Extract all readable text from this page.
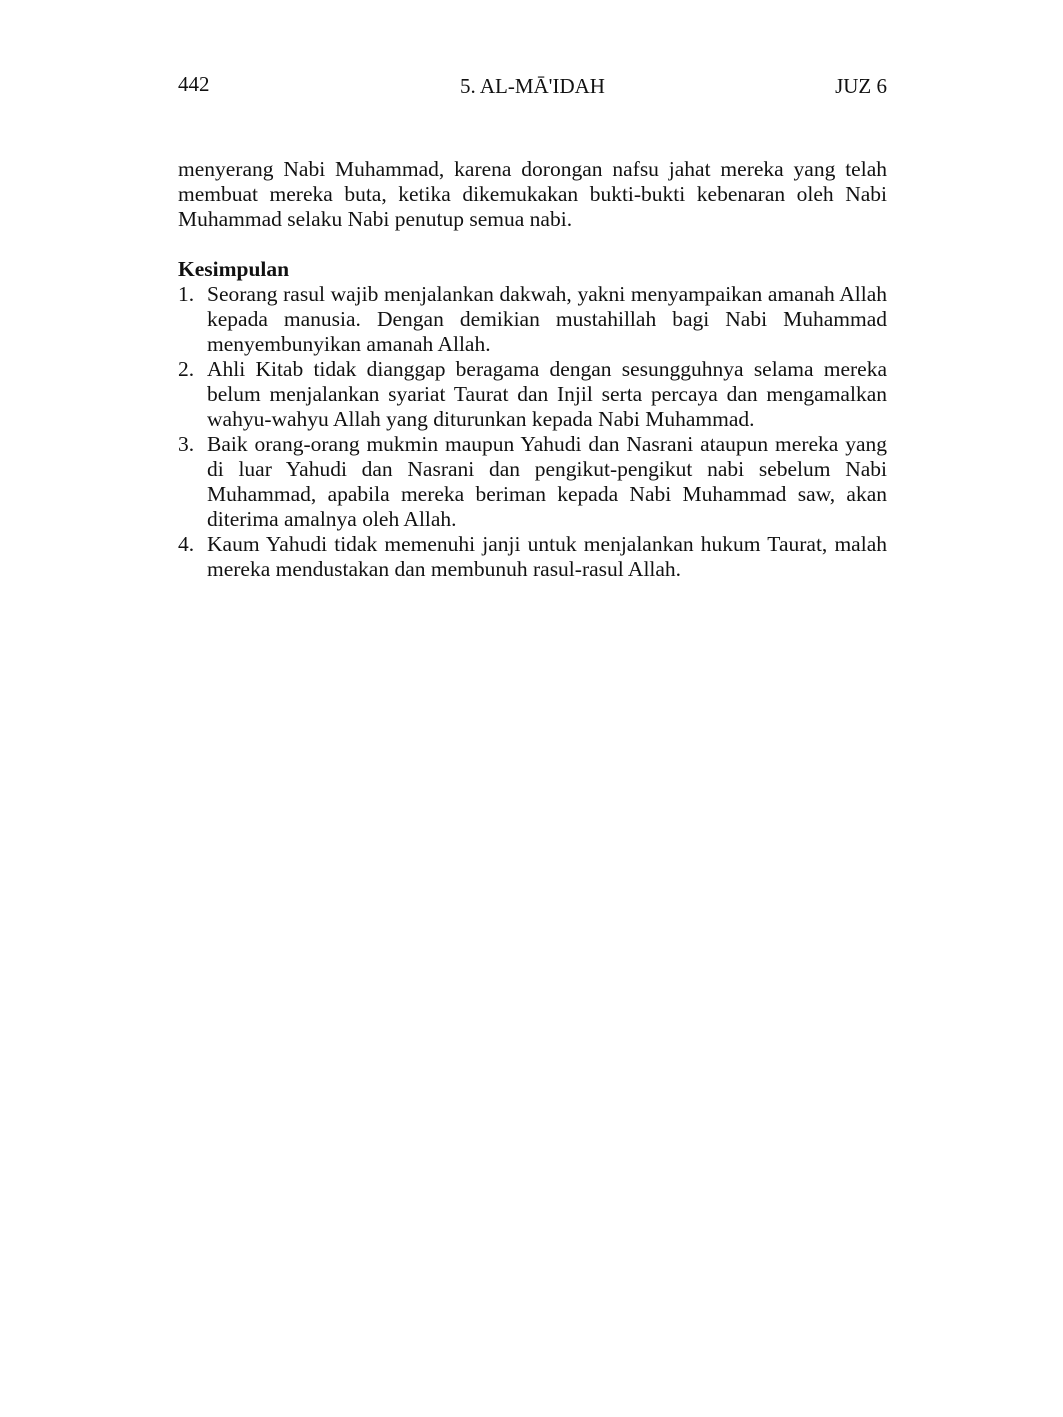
442	5. AL-MĀ'IDAH	JUZ 6

menyerang Nabi Muhammad, karena dorongan nafsu jahat mereka yang telah membuat mereka buta, ketika dikemukakan bukti-bukti kebenaran oleh Nabi Muhammad selaku Nabi penutup semua nabi.

Kesimpulan
1. Seorang rasul wajib menjalankan dakwah, yakni menyampaikan amanah Allah kepada manusia. Dengan demikian mustahillah bagi Nabi Muhammad menyembunyikan amanah Allah.
2. Ahli Kitab tidak dianggap beragama dengan sesungguhnya selama mereka belum menjalankan syariat Taurat dan Injil serta percaya dan mengamalkan wahyu-wahyu Allah yang diturunkan kepada Nabi Muhammad.
3. Baik orang-orang mukmin maupun Yahudi dan Nasrani ataupun mereka yang di luar Yahudi dan Nasrani dan pengikut-pengikut nabi sebelum Nabi Muhammad, apabila mereka beriman kepada Nabi Muhammad saw, akan diterima amalnya oleh Allah.
4. Kaum Yahudi tidak memenuhi janji untuk menjalankan hukum Taurat, malah mereka mendustakan dan membunuh rasul-rasul Allah.
